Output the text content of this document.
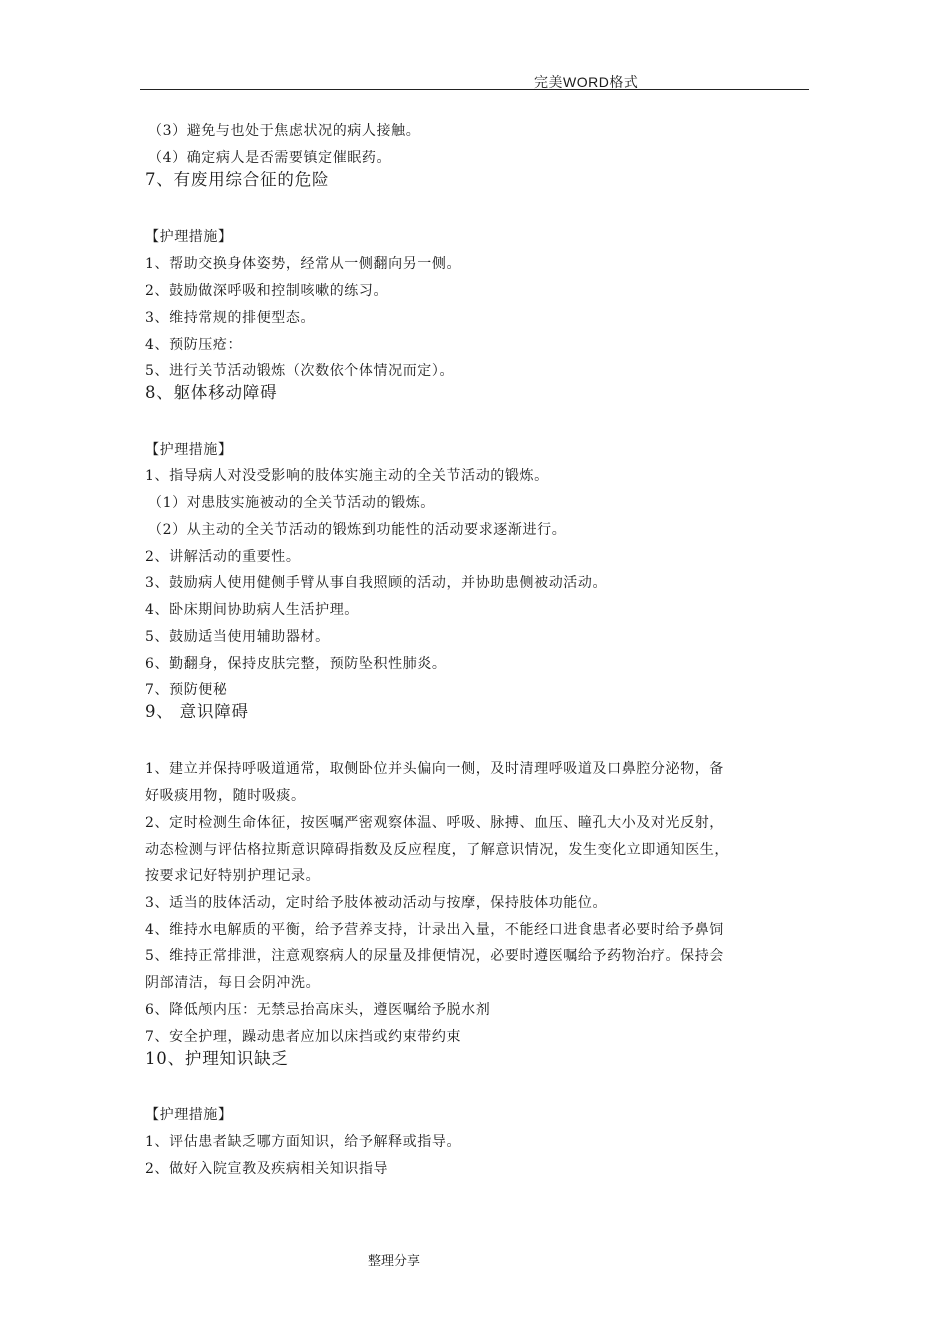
完美WORD格式
（3）避免与也处于焦虑状况的病人接触。
（4）确定病人是否需要镇定催眠药。
7、有废用综合征的危险
【护理措施】
1、帮助交换身体姿势，经常从一侧翻向另一侧。
2、鼓励做深呼吸和控制咳嗽的练习。
3、维持常规的排便型态。
4、预防压疮：
5、进行关节活动锻炼（次数依个体情况而定）。
8、躯体移动障碍
【护理措施】
1、指导病人对没受影响的肢体实施主动的全关节活动的锻炼。
（1）对患肢实施被动的全关节活动的锻炼。
（2）从主动的全关节活动的锻炼到功能性的活动要求逐渐进行。
2、讲解活动的重要性。
3、鼓励病人使用健侧手臂从事自我照顾的活动，并协助患侧被动活动。
4、卧床期间协助病人生活护理。
5、鼓励适当使用辅助器材。
6、勤翻身，保持皮肤完整，预防坠积性肺炎。
7、预防便秘
9、 意识障碍
1、建立并保持呼吸道通常，取侧卧位并头偏向一侧，及时清理呼吸道及口鼻腔分泌物，备
好吸痰用物，随时吸痰。
2、定时检测生命体征，按医嘱严密观察体温、呼吸、脉搏、血压、瞳孔大小及对光反射，
动态检测与评估格拉斯意识障碍指数及反应程度，了解意识情况，发生变化立即通知医生，
按要求记好特别护理记录。
3、适当的肢体活动，定时给予肢体被动活动与按摩，保持肢体功能位。
4、维持水电解质的平衡，给予营养支持，计录出入量，不能经口进食患者必要时给予鼻饲
5、维持正常排泄，注意观察病人的尿量及排便情况，必要时遵医嘱给予药物治疗。保持会
阴部清洁，每日会阴冲洗。
6、降低颅内压：无禁忌抬高床头，遵医嘱给予脱水剂
7、安全护理，躁动患者应加以床挡或约束带约束
10、护理知识缺乏
【护理措施】
1、评估患者缺乏哪方面知识，给予解释或指导。
2、做好入院宣教及疾病相关知识指导
整理分享
